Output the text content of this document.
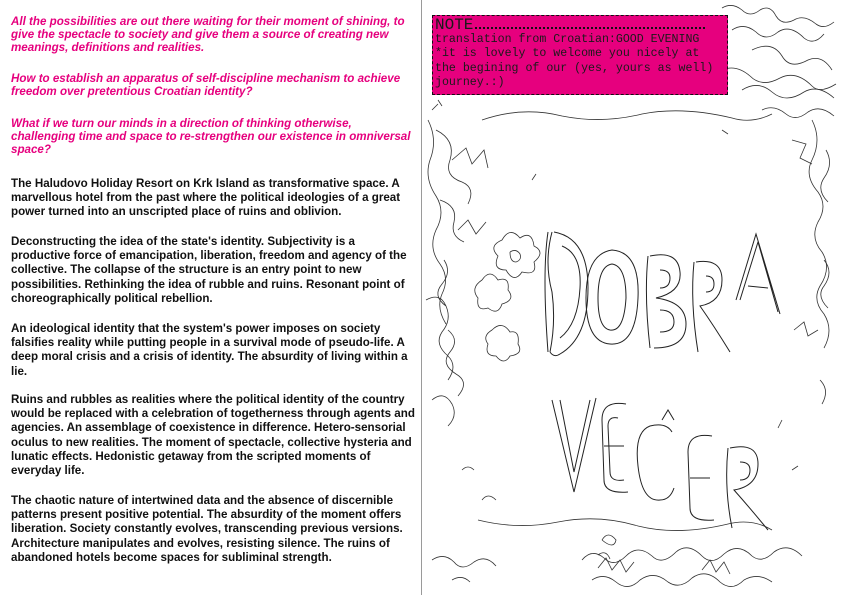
All the possibilities are out there waiting for their moment of shining, to give the spectacle to society and give them a source of creating new meanings, definitions and realities.

How to establish an apparatus of self-discipline mechanism to achieve freedom over pretentious Croatian identity?

What if we turn our minds in a direction of thinking otherwise, challenging time and space to re-strengthen our existence in omniversal space?

The Haludovo Holiday Resort on Krk Island as transformative space. A marvellous hotel from the past where the political ideologies of a great power turned into an unscripted place of ruins and oblivion.

Deconstructing the idea of the state's identity. Subjectivity is a productive force of emancipation, liberation, freedom and agency of the collective. The collapse of the structure is an entry point to new possibilities. Rethinking the idea of rubble and ruins. Resonant point of choreographically political rebellion.

An ideological identity that the system's power imposes on society falsifies reality while putting people in a survival mode of pseudo-life. A deep moral crisis and a crisis of identity. The absurdity of living within a lie.

Ruins and rubbles as realities where the political identity of the country would be replaced with a celebration of togetherness through agents and agencies. An assemblage of coexistence in difference. Hetero-sensorial oculus to new realities. The moment of spectacle, collective hysteria and lunatic effects. Hedonistic getaway from the scripted moments of everyday life.

The chaotic nature of intertwined data and the absence of discernible patterns present positive potential. The absurdity of the moment offers liberation. Society constantly evolves, transcending previous versions. Architecture manipulates and evolves, resisting silence. The ruins of abandoned hotels become spaces for subliminal strength.

NOTE

translation from Croatian:GOOD EVENING

*it is lovely to welcome you nicely at

the begining of our (yes, yours as well)

journey.:)
